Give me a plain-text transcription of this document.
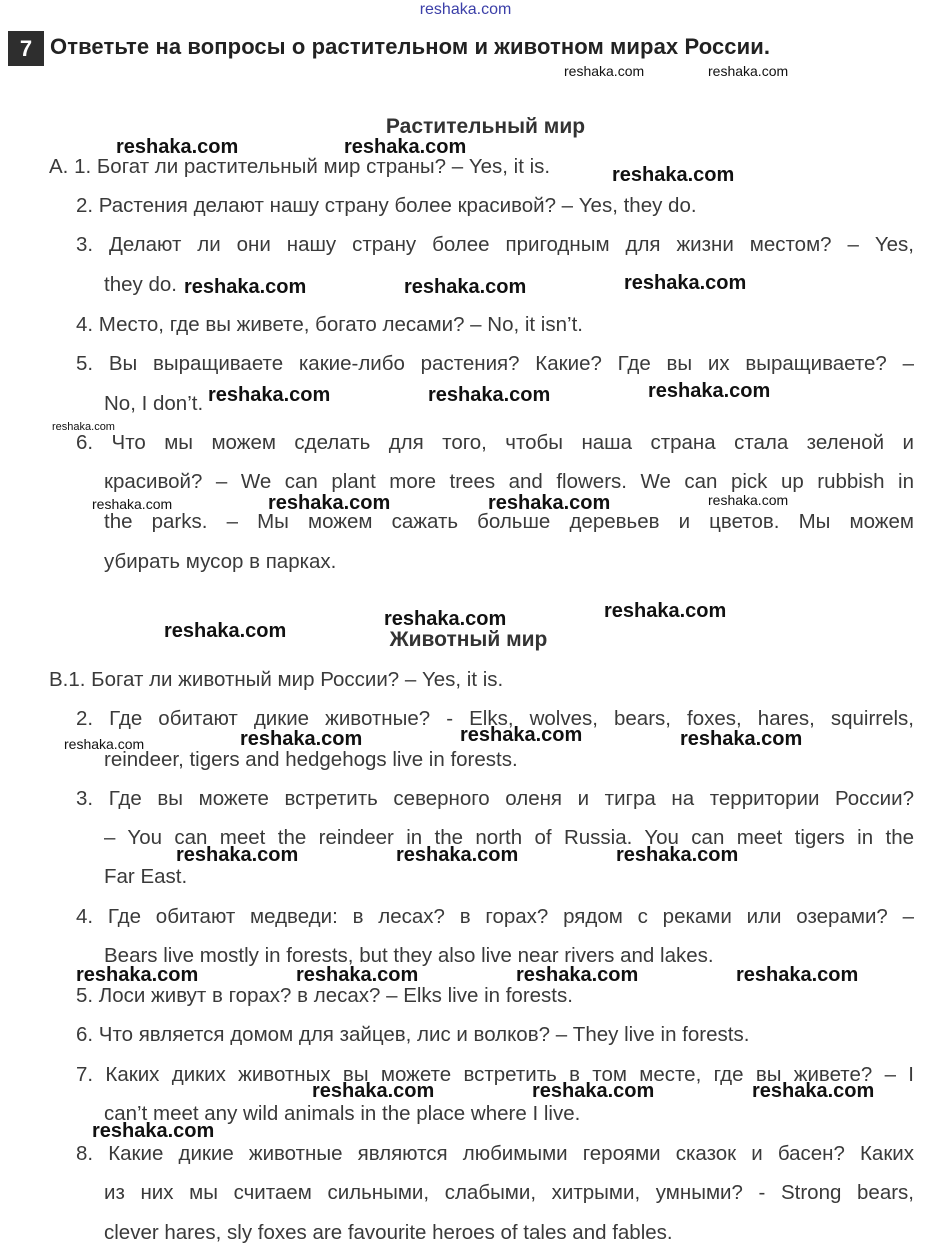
reshaka.com
7 Ответьте на вопросы о растительном и животном мирах России.
Растительный мир
А. 1. Богат ли растительный мир страны? – Yes, it is.
2. Растения делают нашу страну более красивой? – Yes, they do.
3. Делают ли они нашу страну более пригодным для жизни местом? – Yes,
they do.
4. Место, где вы живете, богато лесами? – No, it isn’t.
5. Вы выращиваете какие-либо растения? Какие? Где вы их выращиваете? –
No, I don’t.
6. Что мы можем сделать для того, чтобы наша страна стала зеленой и
красивой? – We can plant more trees and flowers. We can pick up rubbish in
the parks. – Мы можем сажать больше деревьев и цветов. Мы можем
убирать мусор в парках.
Животный мир
В.1. Богат ли животный мир России? – Yes, it is.
2. Где обитают дикие животные? - Elks, wolves, bears, foxes, hares, squirrels,
reindeer, tigers and hedgehogs live in forests.
3. Где вы можете встретить северного оленя и тигра на территории России?
– You can meet the reindeer in the north of Russia. You can meet tigers in the
Far East.
4. Где обитают медведи: в лесах? в горах? рядом с реками или озерами? –
Bears live mostly in forests, but they also live near rivers and lakes.
5. Лоси живут в горах? в лесах? – Elks live in forests.
6. Что является домом для зайцев, лис и волков? – They live in forests.
7. Каких диких животных вы можете встретить в том месте, где вы живете? – I
can’t meet any wild animals in the place where I live.
8. Какие дикие животные являются любимыми героями сказок и басен? Каких
из них мы считаем сильными, слабыми, хитрыми, умными? - Strong bears,
clever hares, sly foxes are favourite heroes of tales and fables.
reshaka.com	reshaka.com
reshaka.com	reshaka.com
reshaka.com
reshaka.com	reshaka.com	reshaka.com
reshaka.com	reshaka.com	reshaka.com
reshaka.com
reshaka.com	reshaka.com	reshaka.com	reshaka.com
reshaka.com	reshaka.com
reshaka.com
reshaka.com	reshaka.com	reshaka.com	reshaka.com
reshaka.com	reshaka.com	reshaka.com
reshaka.com	reshaka.com	reshaka.com	reshaka.com
reshaka.com	reshaka.com	reshaka.com
reshaka.com
